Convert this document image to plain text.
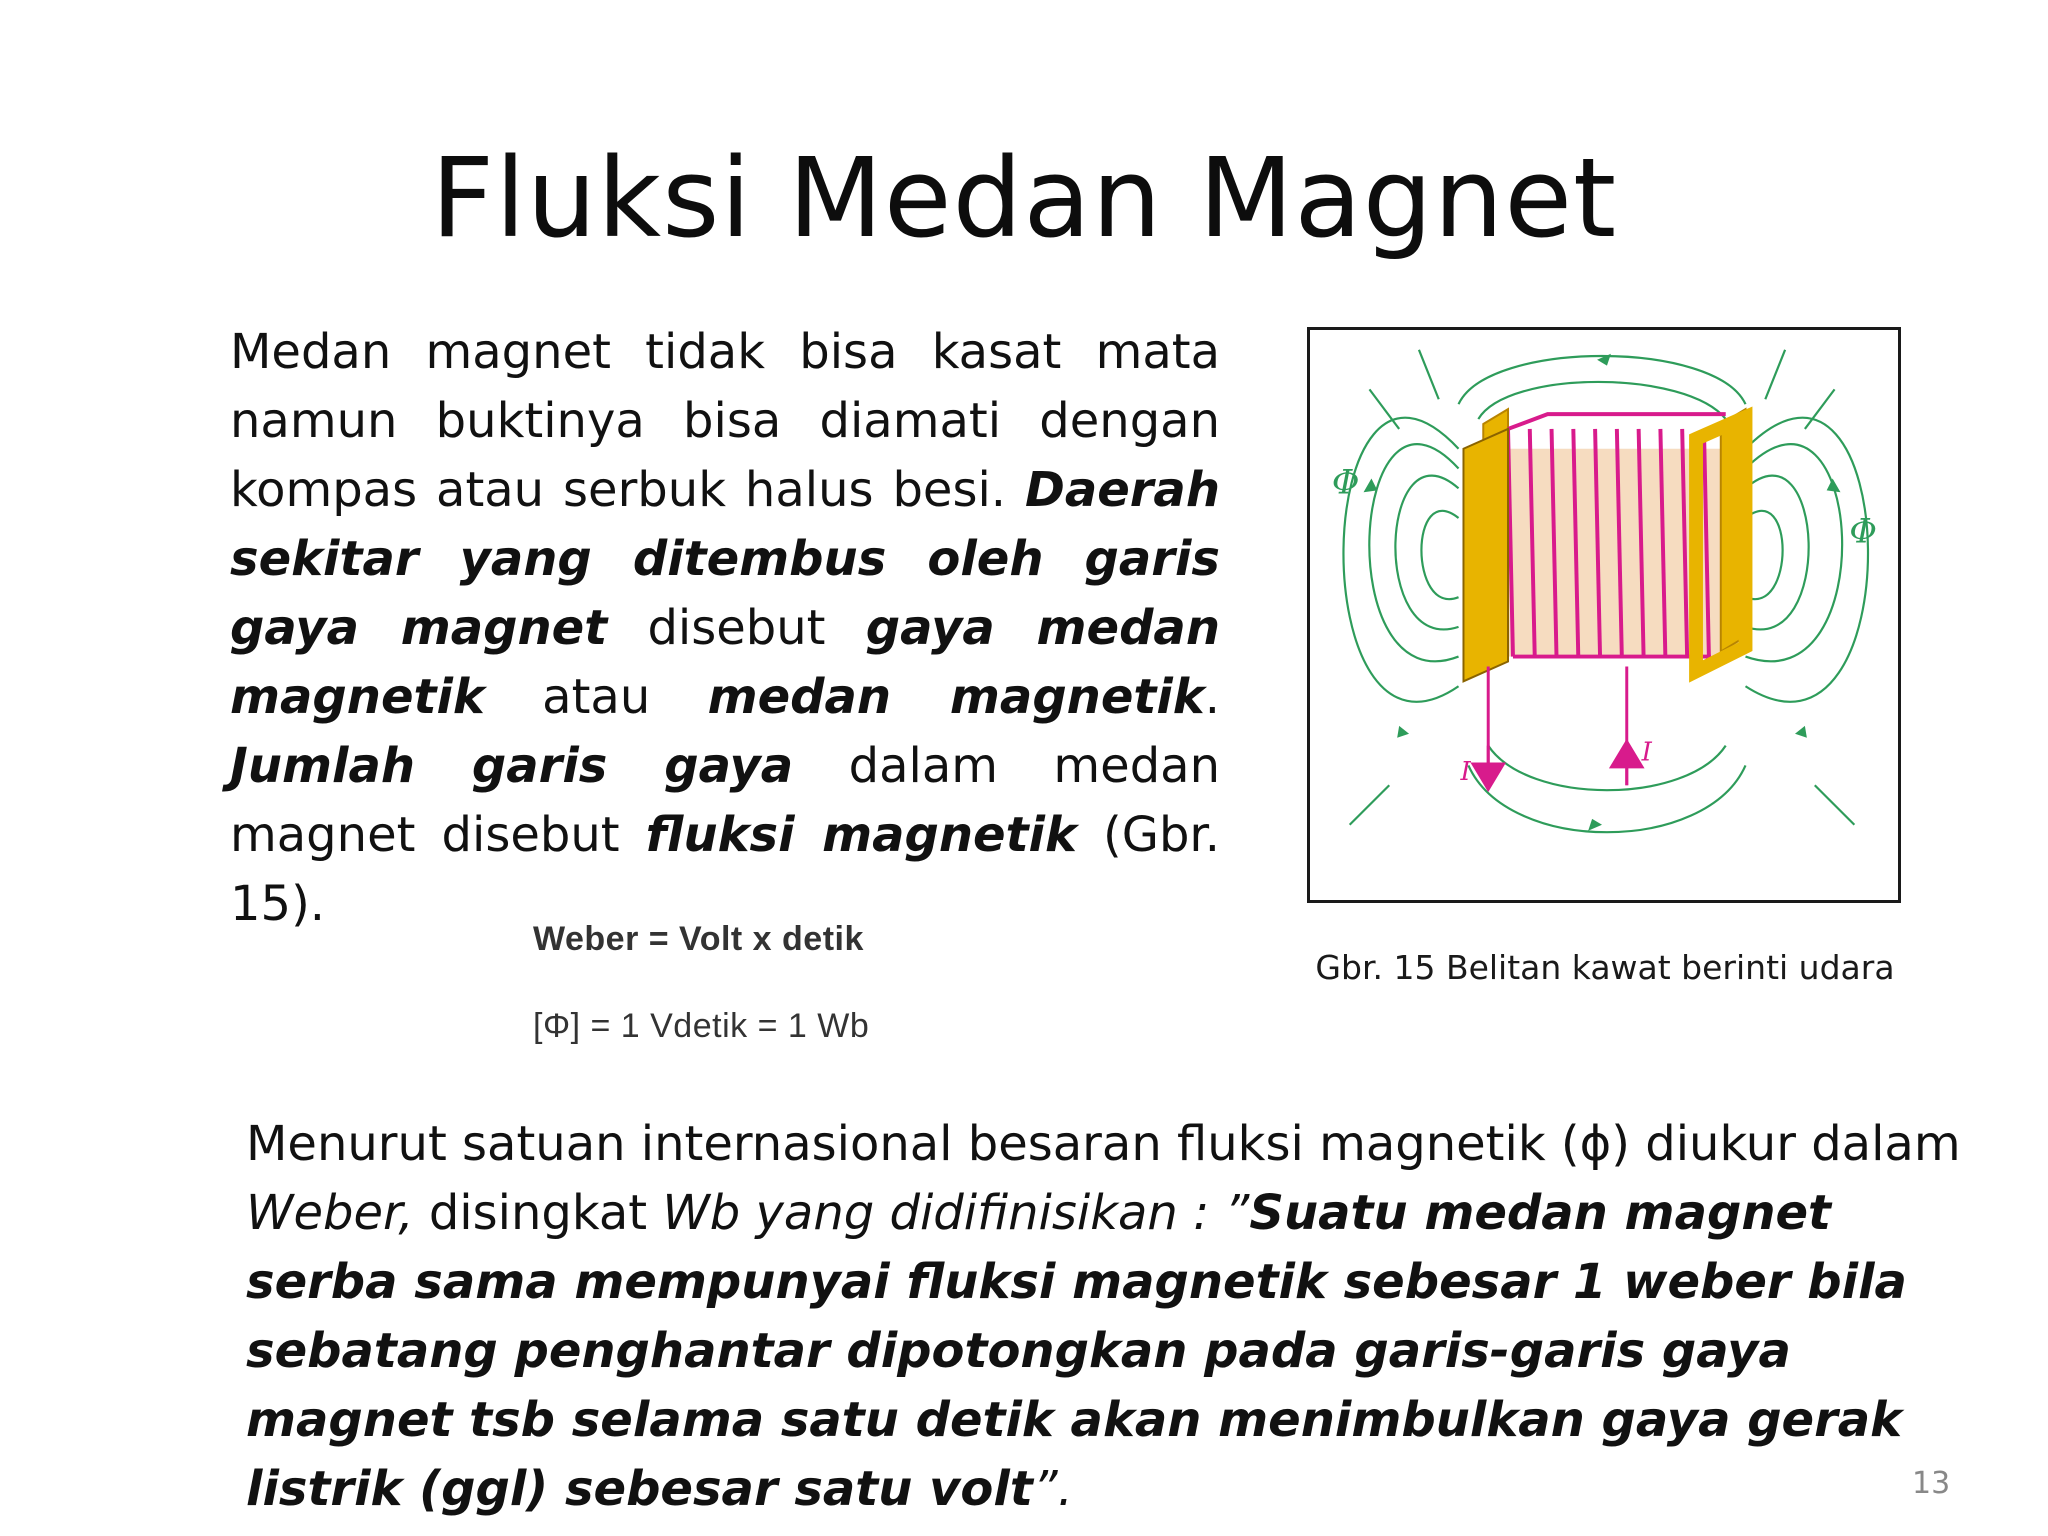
Fluksi Medan Magnet
Medan magnet tidak bisa kasat mata namun buktinya bisa diamati dengan kompas atau serbuk halus besi. Daerah sekitar yang ditembus oleh garis gaya magnet disebut gaya medan magnetik atau medan magnetik. Jumlah garis gaya dalam medan magnet disebut fluksi magnetik (Gbr. 15).
Weber = Volt x detik
[Φ] = 1 Vdetik = 1 Wb
Φ
Φ
I
I
Gbr. 15 Belitan kawat berinti udara
Menurut satuan internasional besaran fluksi magnetik (ɸ) diukur dalam Weber, disingkat Wb yang didifinisikan : ”Suatu medan magnet serba sama mempunyai fluksi magnetik sebesar 1 weber bila sebatang penghantar dipotongkan pada garis-garis gaya magnet tsb selama satu detik akan menimbulkan gaya gerak listrik (ggl) sebesar satu volt”.	13
